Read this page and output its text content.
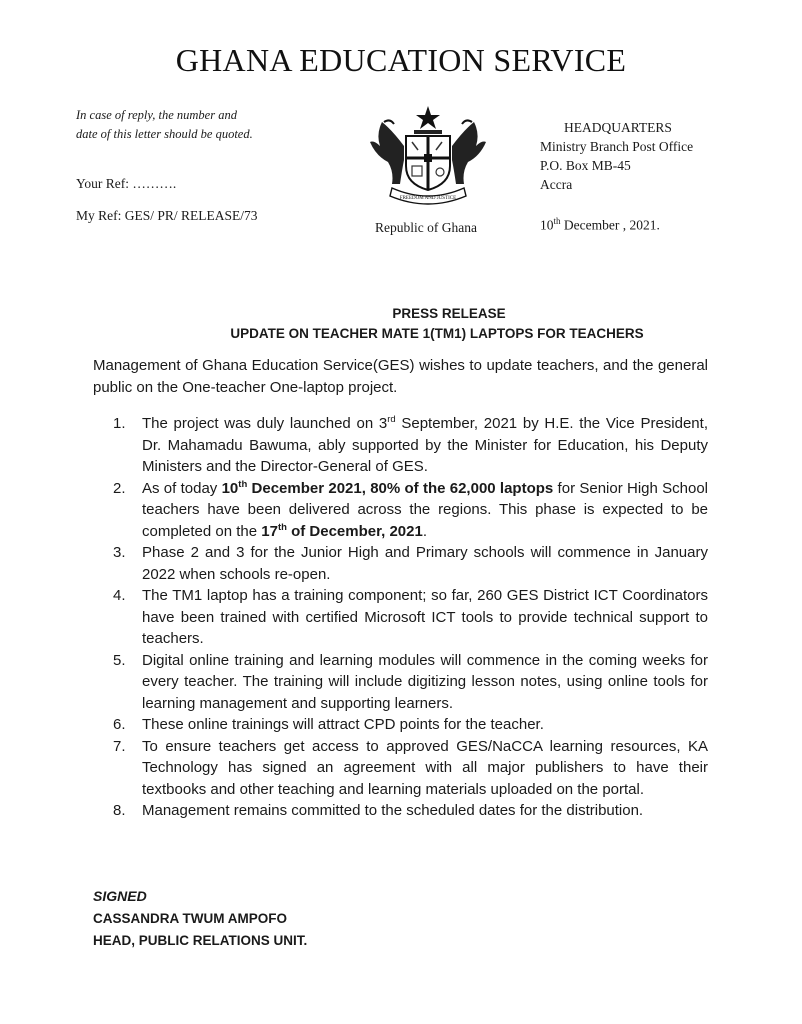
GHANA EDUCATION SERVICE
In case of reply, the number and
date of this letter should be quoted.
Your Ref: ……….
My Ref: GES/ PR/ RELEASE/73
FREEDOM AND JUSTICE
Republic of Ghana
HEADQUARTERS
Ministry Branch Post Office
P.O. Box MB-45
Accra
10th December , 2021.
PRESS RELEASE
UPDATE ON TEACHER MATE 1(TM1) LAPTOPS FOR TEACHERS
Management of Ghana Education Service(GES) wishes to update teachers, and the general public on the One-teacher One-laptop project.
1. The project was duly launched on 3rd September, 2021 by H.E. the Vice President, Dr. Mahamadu Bawuma, ably supported by the Minister for Education, his Deputy Ministers and the Director-General of GES.
2. As of today 10th December 2021, 80% of the 62,000 laptops for Senior High School teachers have been delivered across the regions. This phase is expected to be completed on the 17th of December, 2021.
3. Phase 2 and 3 for the Junior High and Primary schools will commence in January 2022 when schools re-open.
4. The TM1 laptop has a training component; so far, 260 GES District ICT Coordinators have been trained with certified Microsoft ICT tools to provide technical support to teachers.
5. Digital online training and learning modules will commence in the coming weeks for every teacher. The training will include digitizing lesson notes, using online tools for learning management and supporting learners.
6. These online trainings will attract CPD points for the teacher.
7. To ensure teachers get access to approved GES/NaCCA learning resources, KA Technology has signed an agreement with all major publishers to have their textbooks and other teaching and learning materials uploaded on the portal.
8. Management remains committed to the scheduled dates for the distribution.
SIGNED
CASSANDRA TWUM AMPOFO
HEAD, PUBLIC RELATIONS UNIT.
